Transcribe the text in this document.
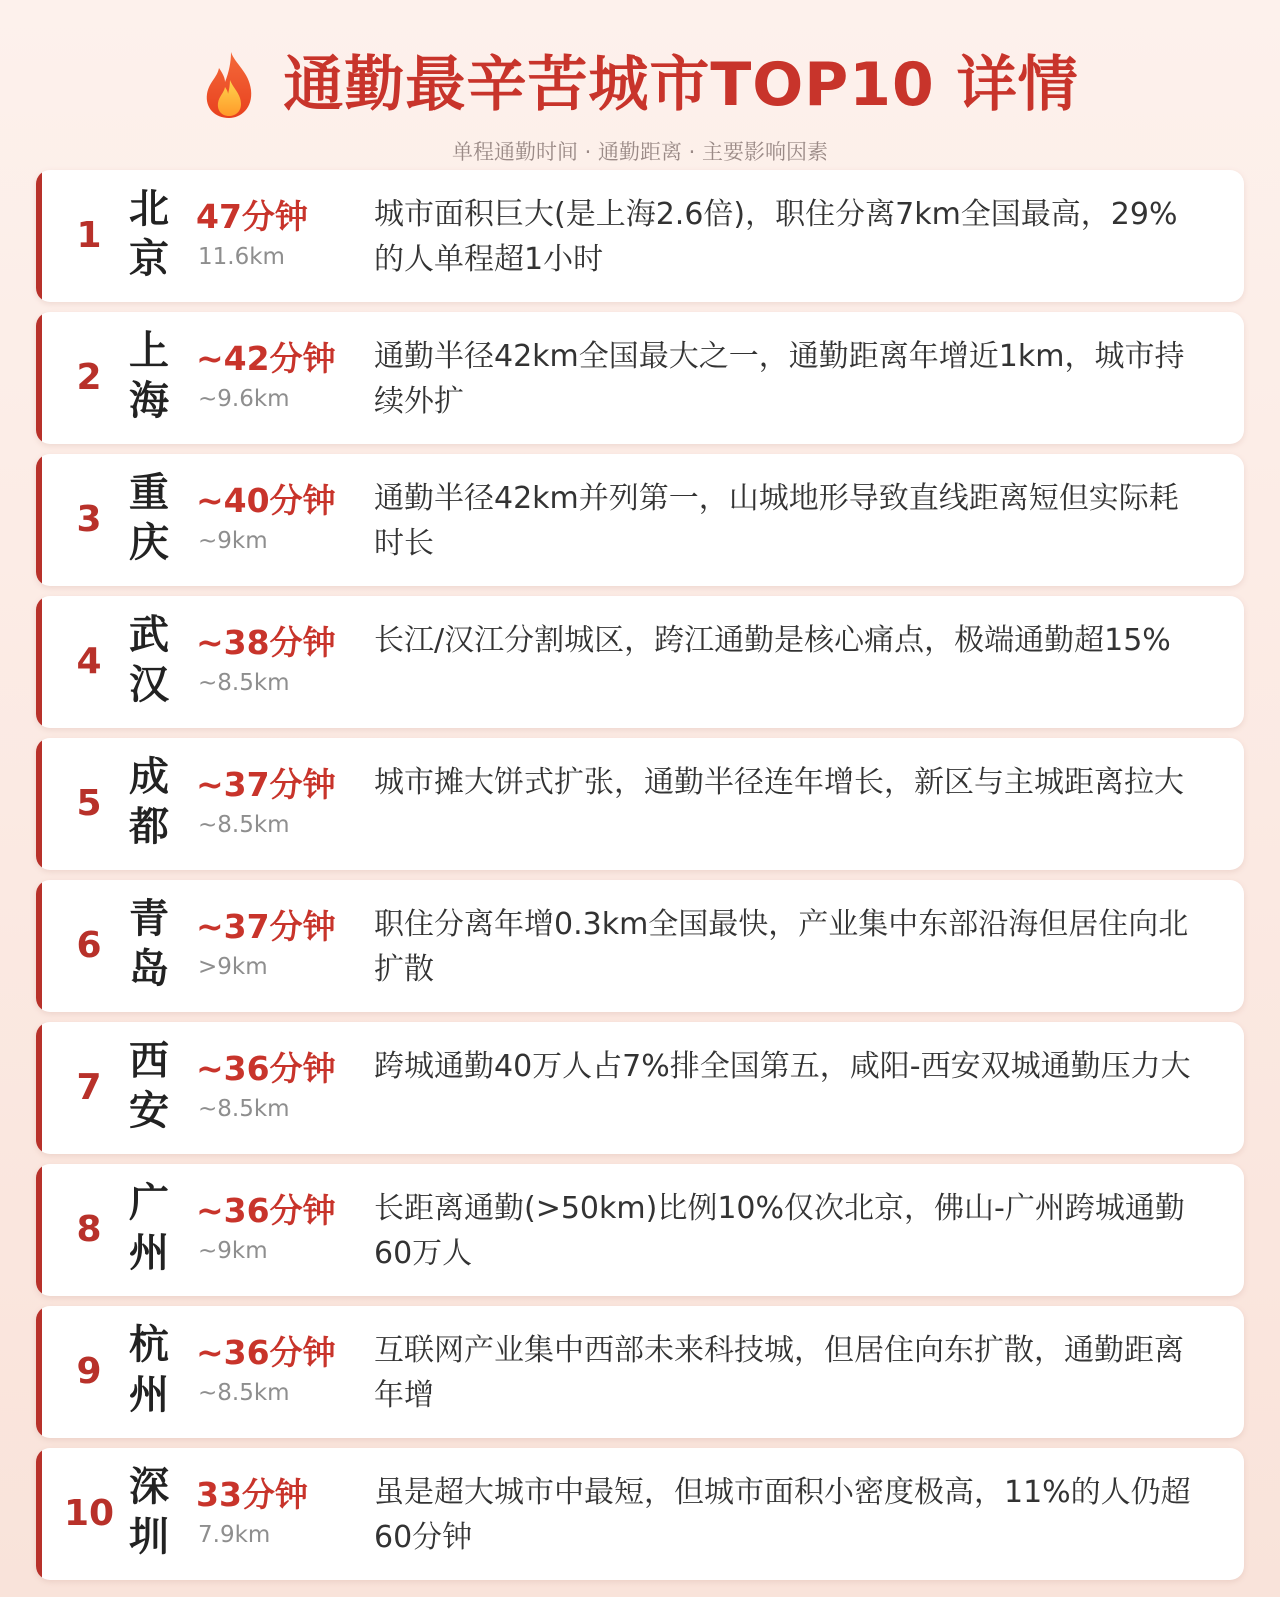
通勤最辛苦城市TOP10 详情
单程通勤时间 · 通勤距离 · 主要影响因素
1
北京
47分钟
11.6km
城市面积巨大(是上海2.6倍)，职住分离7km全国最高，29%的人单程超1小时
2
上海
~42分钟
~9.6km
通勤半径42km全国最大之一，通勤距离年增近1km，城市持续外扩
3
重庆
~40分钟
~9km
通勤半径42km并列第一，山城地形导致直线距离短但实际耗时长
4
武汉
~38分钟
~8.5km
长江/汉江分割城区，跨江通勤是核心痛点，极端通勤超15%
5
成都
~37分钟
~8.5km
城市摊大饼式扩张，通勤半径连年增长，新区与主城距离拉大
6
青岛
~37分钟
>9km
职住分离年增0.3km全国最快，产业集中东部沿海但居住向北扩散
7
西安
~36分钟
~8.5km
跨城通勤40万人占7%排全国第五，咸阳-西安双城通勤压力大
8
广州
~36分钟
~9km
长距离通勤(>50km)比例10%仅次北京，佛山-广州跨城通勤60万人
9
杭州
~36分钟
~8.5km
互联网产业集中西部未来科技城，但居住向东扩散，通勤距离年增
10
深圳
33分钟
7.9km
虽是超大城市中最短，但城市面积小密度极高，11%的人仍超60分钟
